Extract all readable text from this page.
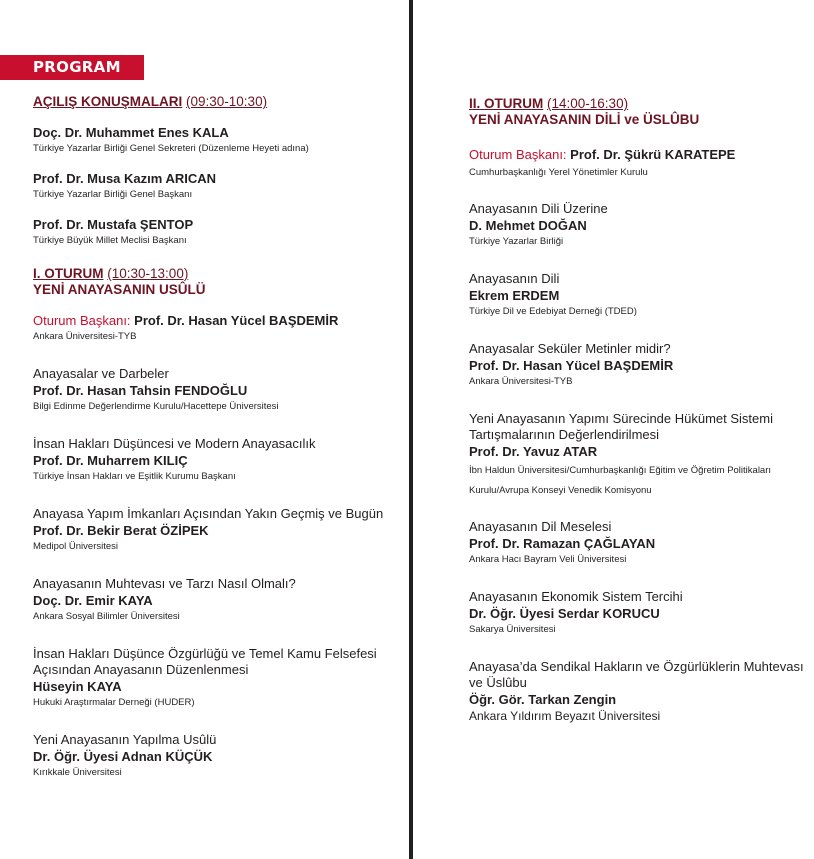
PROGRAM
AÇILIŞ KONUŞMALARI (09:30-10:30)
Doç. Dr. Muhammet Enes KALA
Türkiye Yazarlar Birliği Genel Sekreteri (Düzenleme Heyeti adına)
Prof. Dr. Musa Kazım ARICAN
Türkiye Yazarlar Birliği Genel Başkanı
Prof. Dr. Mustafa ŞENTOP
Türkiye Büyük Millet Meclisi Başkanı
I. OTURUM (10:30-13:00)
YENİ ANAYASANIN USÛLÜ
Oturum Başkanı: Prof. Dr. Hasan Yücel BAŞDEMİR
Ankara Üniversitesi-TYB
Anayasalar ve Darbeler
Prof. Dr. Hasan Tahsin FENDOĞLU
Bilgi Edinme Değerlendirme Kurulu/Hacettepe Üniversitesi
İnsan Hakları Düşüncesi ve Modern Anayasacılık
Prof. Dr. Muharrem KILIÇ
Türkiye İnsan Hakları ve Eşitlik Kurumu Başkanı
Anayasa Yapım İmkanları Açısından Yakın Geçmiş ve Bugün
Prof. Dr. Bekir Berat ÖZİPEK
Medipol Üniversitesi
Anayasanın Muhtevası ve Tarzı Nasıl Olmalı?
Doç. Dr. Emir KAYA
Ankara Sosyal Bilimler Üniversitesi
İnsan Hakları Düşünce Özgürlüğü ve Temel Kamu Felsefesi Açısından Anayasanın Düzenlenmesi
Hüseyin KAYA
Hukuki Araştırmalar Derneği (HUDER)
Yeni Anayasanın Yapılma Usûlü
Dr. Öğr. Üyesi Adnan KÜÇÜK
Kırıkkale Üniversitesi
II. OTURUM (14:00-16:30)
YENİ ANAYASANIN DİLİ ve ÜSLÛBU
Oturum Başkanı: Prof. Dr. Şükrü KARATEPE
Cumhurbaşkanlığı Yerel Yönetimler Kurulu
Anayasanın Dili Üzerine
D. Mehmet DOĞAN
Türkiye Yazarlar Birliği
Anayasanın Dili
Ekrem ERDEM
Türkiye Dil ve Edebiyat Derneği (TDED)
Anayasalar Seküler Metinler midir?
Prof. Dr. Hasan Yücel BAŞDEMİR
Ankara Üniversitesi-TYB
Yeni Anayasanın Yapımı Sürecinde Hükümet Sistemi Tartışmalarının Değerlendirilmesi
Prof. Dr. Yavuz ATAR
İbn Haldun Üniversitesi/Cumhurbaşkanlığı Eğitim ve Öğretim Politikaları Kurulu/Avrupa Konseyi Venedik Komisyonu
Anayasanın Dil Meselesi
Prof. Dr. Ramazan ÇAĞLAYAN
Ankara Hacı Bayram Veli Üniversitesi
Anayasanın Ekonomik Sistem Tercihi
Dr. Öğr. Üyesi Serdar KORUCU
Sakarya Üniversitesi
Anayasa’da Sendikal Hakların ve Özgürlüklerin Muhtevası ve Üslûbu
Öğr. Gör. Tarkan Zengin
Ankara Yıldırım Beyazıt Üniversitesi
